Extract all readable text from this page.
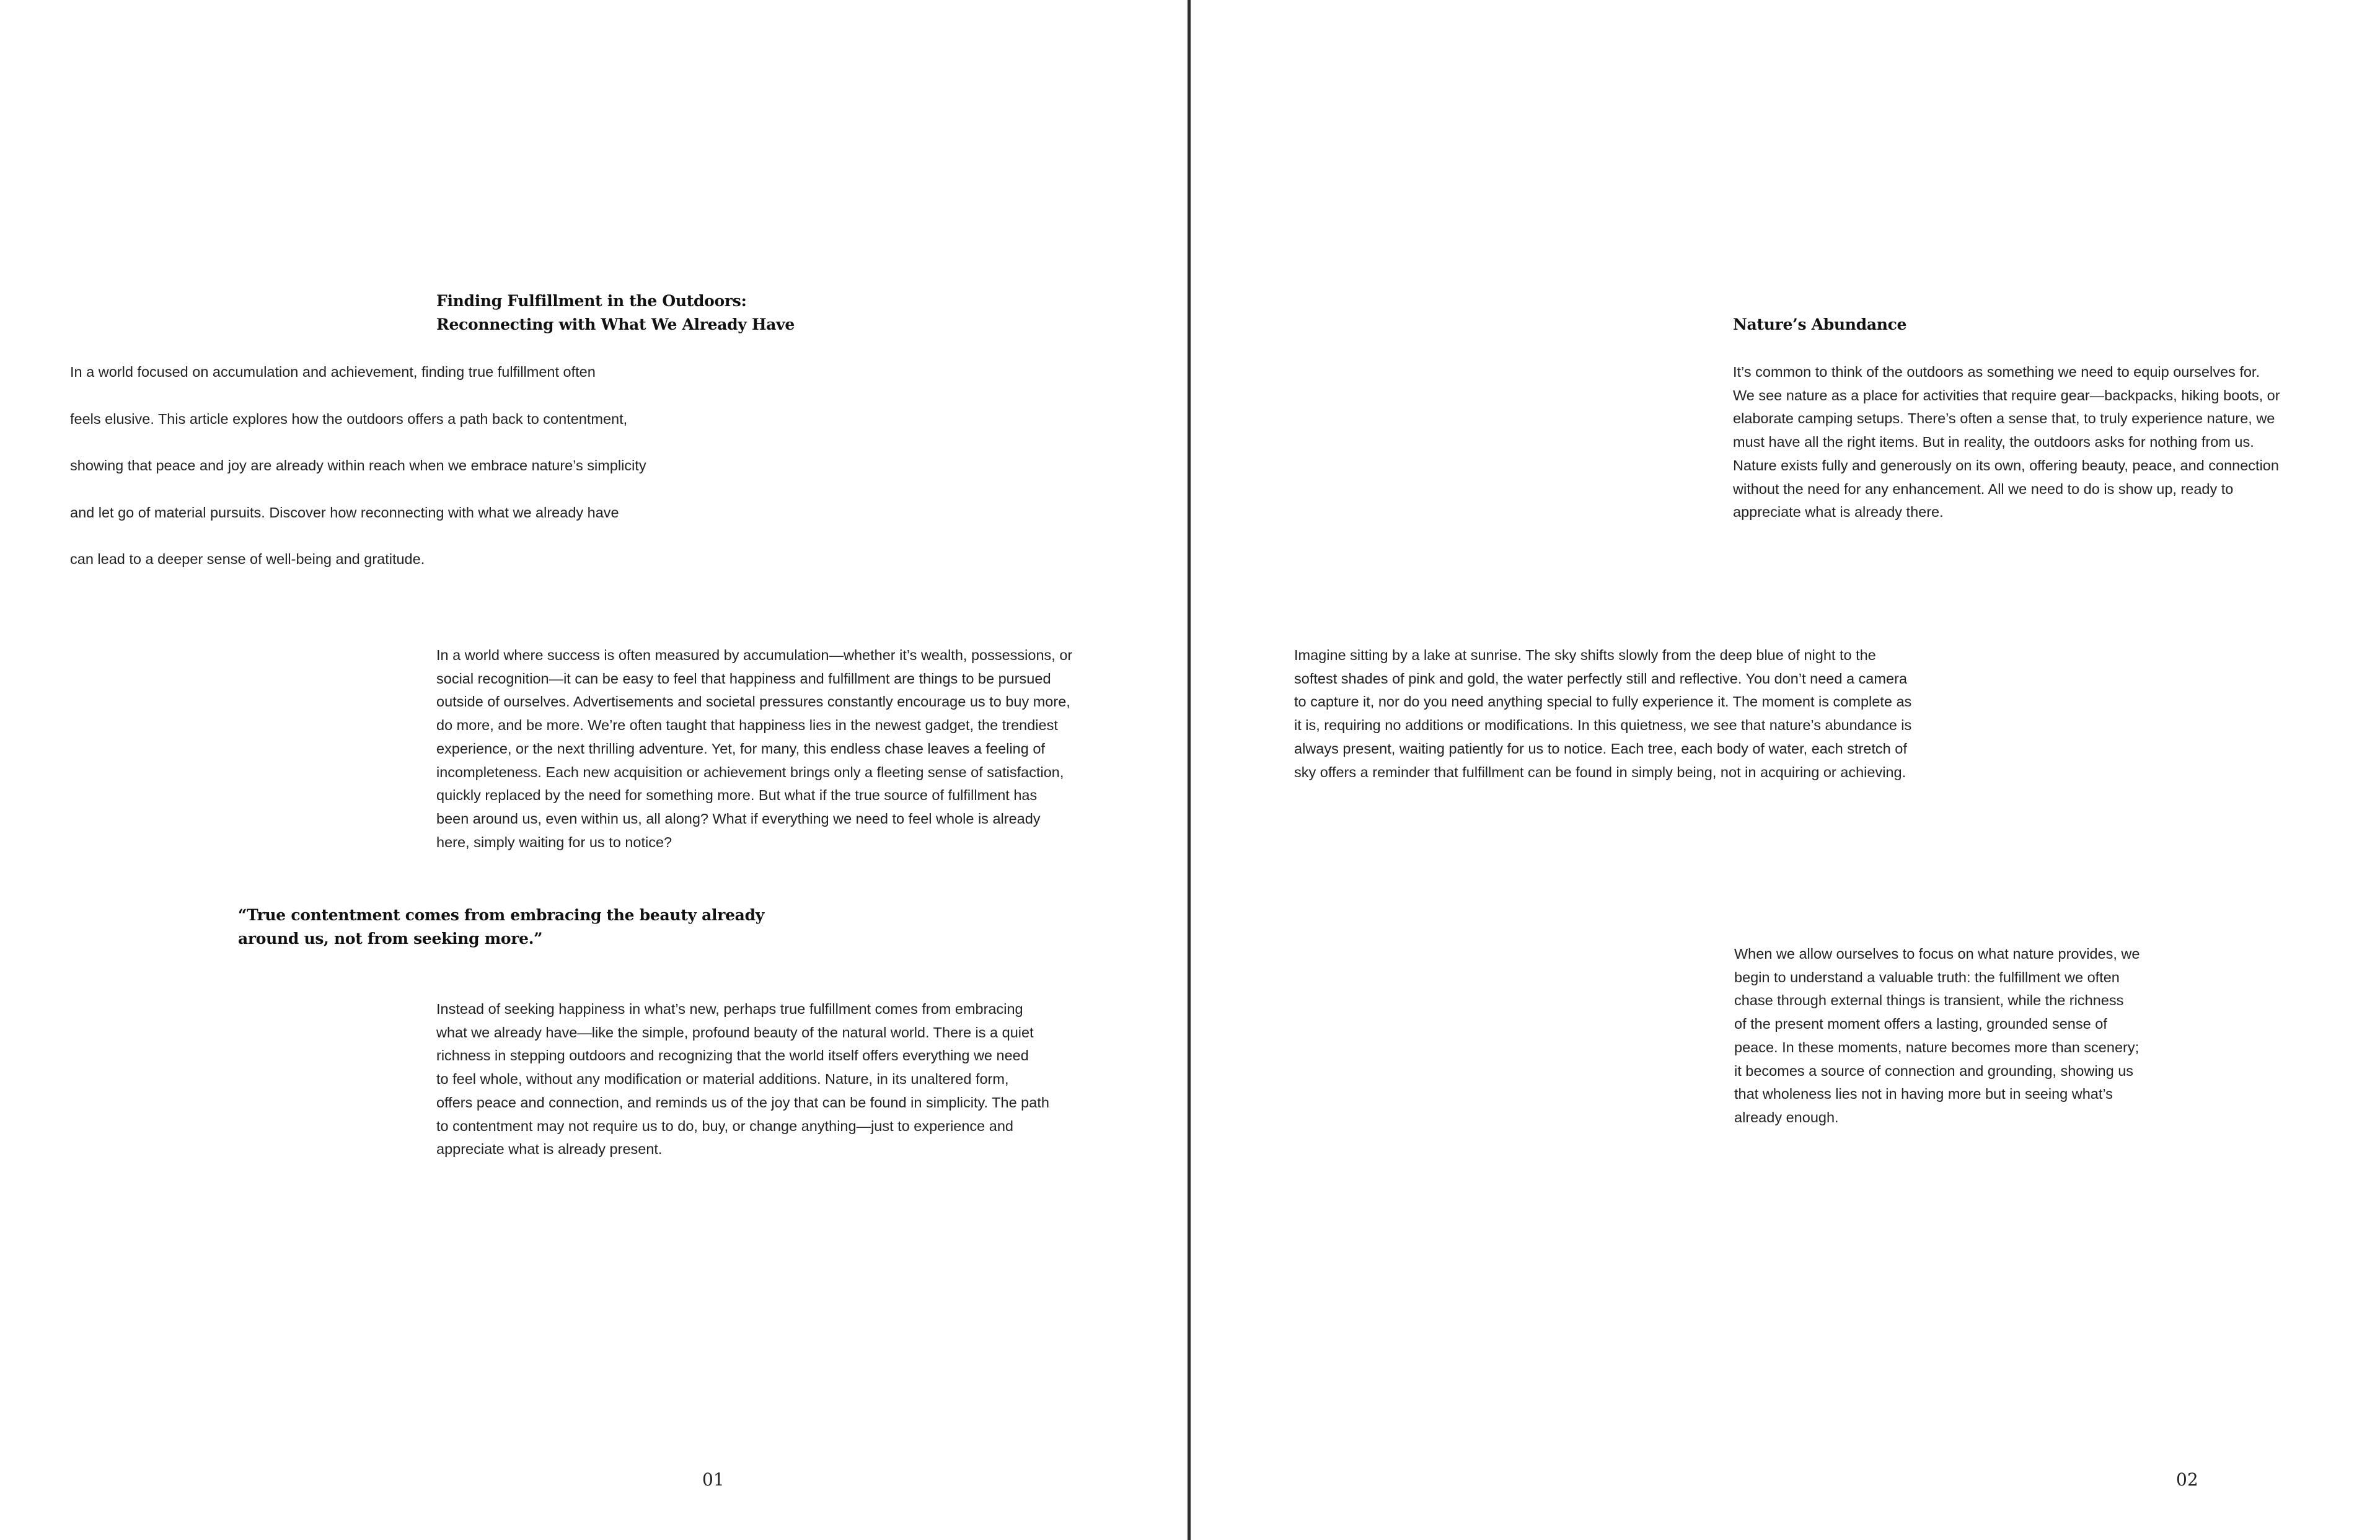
Finding Fulfillment in the Outdoors:
Reconnecting with What We Already Have
In a world focused on accumulation and achievement, finding true fulfillment often
feels elusive. This article explores how the outdoors offers a path back to contentment,
showing that peace and joy are already within reach when we embrace nature’s simplicity
and let go of material pursuits. Discover how reconnecting with what we already have
can lead to a deeper sense of well-being and gratitude.
In a world where success is often measured by accumulation—whether it’s wealth, possessions, or
social recognition—it can be easy to feel that happiness and fulfillment are things to be pursued
outside of ourselves. Advertisements and societal pressures constantly encourage us to buy more,
do more, and be more. We’re often taught that happiness lies in the newest gadget, the trendiest
experience, or the next thrilling adventure. Yet, for many, this endless chase leaves a feeling of
incompleteness. Each new acquisition or achievement brings only a fleeting sense of satisfaction,
quickly replaced by the need for something more. But what if the true source of fulfillment has
been around us, even within us, all along? What if everything we need to feel whole is already
here, simply waiting for us to notice?
“True contentment comes from embracing the beauty already
around us, not from seeking more.”
Instead of seeking happiness in what’s new, perhaps true fulfillment comes from embracing
what we already have—like the simple, profound beauty of the natural world. There is a quiet
richness in stepping outdoors and recognizing that the world itself offers everything we need
to feel whole, without any modification or material additions. Nature, in its unaltered form,
offers peace and connection, and reminds us of the joy that can be found in simplicity. The path
to contentment may not require us to do, buy, or change anything—just to experience and
appreciate what is already present.
01
Nature’s Abundance
It’s common to think of the outdoors as something we need to equip ourselves for.
We see nature as a place for activities that require gear—backpacks, hiking boots, or
elaborate camping setups. There’s often a sense that, to truly experience nature, we
must have all the right items. But in reality, the outdoors asks for nothing from us.
Nature exists fully and generously on its own, offering beauty, peace, and connection
without the need for any enhancement. All we need to do is show up, ready to
appreciate what is already there.
Imagine sitting by a lake at sunrise. The sky shifts slowly from the deep blue of night to the
softest shades of pink and gold, the water perfectly still and reflective. You don’t need a camera
to capture it, nor do you need anything special to fully experience it. The moment is complete as
it is, requiring no additions or modifications. In this quietness, we see that nature’s abundance is
always present, waiting patiently for us to notice. Each tree, each body of water, each stretch of
sky offers a reminder that fulfillment can be found in simply being, not in acquiring or achieving.
When we allow ourselves to focus on what nature provides, we
begin to understand a valuable truth: the fulfillment we often
chase through external things is transient, while the richness
of the present moment offers a lasting, grounded sense of
peace. In these moments, nature becomes more than scenery;
it becomes a source of connection and grounding, showing us
that wholeness lies not in having more but in seeing what’s
already enough.
02
